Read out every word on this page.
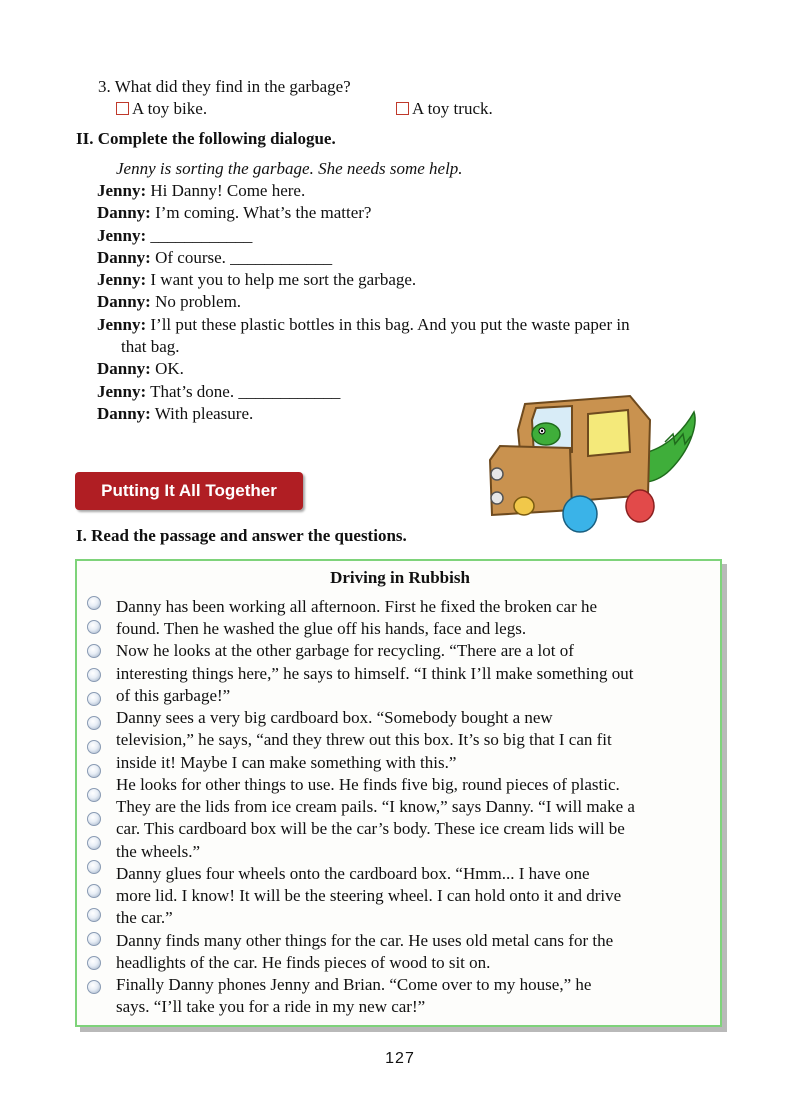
3. What did they find in the garbage?
A toy bike.	A toy truck.
II. Complete the following dialogue.
Jenny is sorting the garbage. She needs some help.
Jenny: Hi Danny! Come here.
Danny: I’m coming. What’s the matter?
Jenny: ____________
Danny: Of course. ____________
Jenny: I want you to help me sort the garbage.
Danny: No problem.
Jenny: I’ll put these plastic bottles in this bag. And you put the waste paper in
that bag.
Danny: OK.
Jenny: That’s done. ____________
Danny: With pleasure.
Putting It All Together
I. Read the passage and answer the questions.
Driving in Rubbish
Danny has been working all afternoon. First he fixed the broken car he
found. Then he washed the glue off his hands, face and legs.
Now he looks at the other garbage for recycling. “There are a lot of
interesting things here,” he says to himself. “I think I’ll make something out
of this garbage!”
Danny sees a very big cardboard box. “Somebody bought a new
television,” he says, “and they threw out this box. It’s so big that I can fit
inside it! Maybe I can make something with this.”
He looks for other things to use. He finds five big, round pieces of plastic.
They are the lids from ice cream pails. “I know,” says Danny. “I will make a
car. This cardboard box will be the car’s body. These ice cream lids will be
the wheels.”
Danny glues four wheels onto the cardboard box. “Hmm... I have one
more lid. I know! It will be the steering wheel. I can hold onto it and drive
the car.”
Danny finds many other things for the car. He uses old metal cans for the
headlights of the car. He finds pieces of wood to sit on.
Finally Danny phones Jenny and Brian. “Come over to my house,” he
says. “I’ll take you for a ride in my new car!”
127
